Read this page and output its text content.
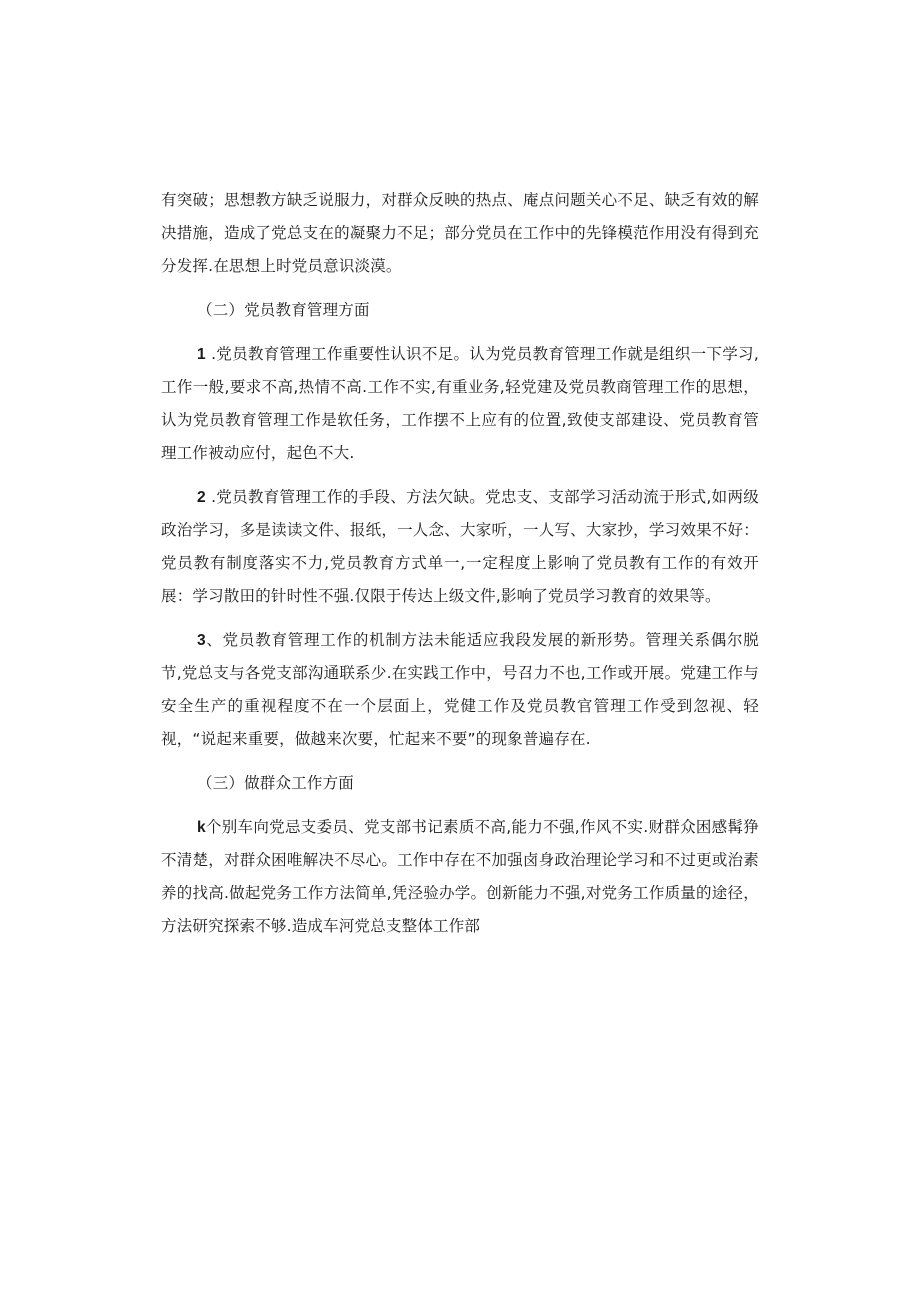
有突破；思想教方缺乏说服力，对群众反映的热点、庵点问题关心不足、缺乏有效的解决措施，造成了党总支在的凝聚力不足；部分党员在工作中的先锋模范作用没有得到充分发挥.在思想上时党员意识淡漠。

（二）党员教育管理方面

1 .党员教育管理工作重要性认识不足。认为党员教育管理工作就是组织一下学习,工作一般,要求不高,热情不高.工作不实,有重业务,轻党建及党员教商管理工作的思想，认为党员教育管理工作是软任务，工作摆不上应有的位置,致使支部建设、党员教育管理工作被动应付，起色不大.

2 .党员教育管理工作的手段、方法欠缺。党忠支、支部学习活动流于形式,如两级政治学习，多是读读文件、报纸，一人念、大家听，一人写、大家抄，学习效果不好：党员教有制度落实不力,党员教育方式单一,一定程度上影响了党员教有工作的有效开展：学习散田的针时性不强.仅限于传达上级文件,影响了党员学习教育的效果等。

3、党员教育管理工作的机制方法未能适应我段发展的新形势。管理关系偶尔脱节,党总支与各党支部沟通联系少.在实践工作中，号召力不也,工作或开展。党建工作与安全生产的重视程度不在一个层面上，党健工作及党员教官管理工作受到忽视、轻视，“说起来重要，做越来次要，忙起来不要”的现象普遍存在.

（三）做群众工作方面

k个别车向党忌支委员、党支部书记素质不高,能力不强,作风不实.财群众困感髯狰不清楚，对群众困唯解决不尽心。工作中存在不加强卤身政治理论学习和不过更或治素养的找高.做起党务工作方法简单,凭泾验办学。创新能力不强,对党务工作质量的途径，方法研究探索不够.造成车河党总支整体工作部
